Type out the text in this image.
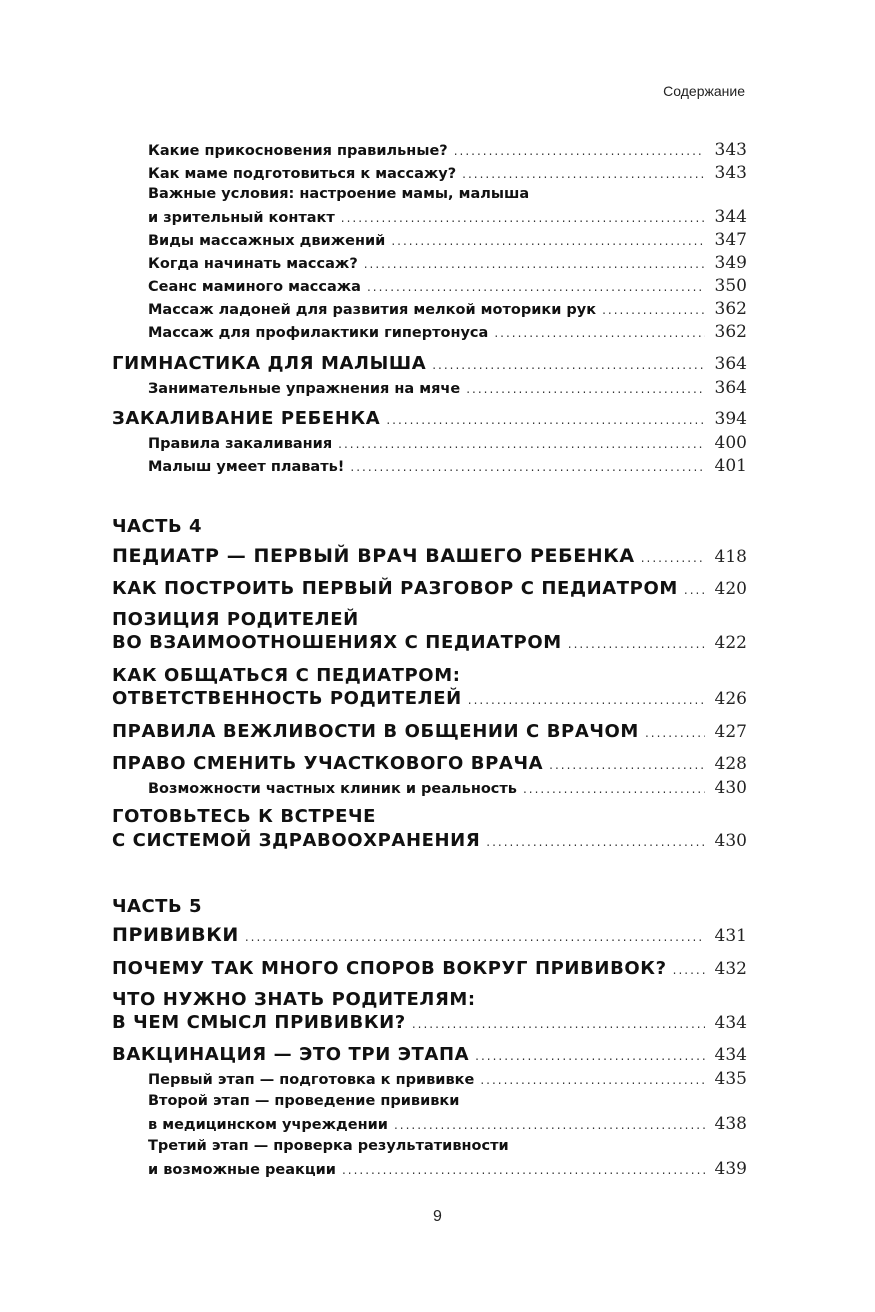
Содержание
Какие прикосновения правильные? .....	343
Как маме подготовиться к массажу? .....	343
Важные условия: настроение мамы, малыша
и зрительный контакт .....	344
Виды массажных движений .....	347
Когда начинать массаж? .....	349
Сеанс маминого массажа .....	350
Массаж ладоней для развития мелкой моторики рук .....	362
Массаж для профилактики гипертонуса .....	362
ГИМНАСТИКА ДЛЯ МАЛЫША .....	364
Занимательные упражнения на мяче .....	364
ЗАКАЛИВАНИЕ РЕБЕНКА .....	394
Правила закаливания .....	400
Малыш умеет плавать! .....	401
ЧАСТЬ 4
ПЕДИАТР — ПЕРВЫЙ ВРАЧ ВАШЕГО РЕБЕНКА .....	418
КАК ПОСТРОИТЬ ПЕРВЫЙ РАЗГОВОР С ПЕДИАТРОМ ..... 420
ПОЗИЦИЯ РОДИТЕЛЕЙ
ВО ВЗАИМООТНОШЕНИЯХ С ПЕДИАТРОМ .....	422
КАК ОБЩАТЬСЯ С ПЕДИАТРОМ:
ОТВЕТСТВЕННОСТЬ РОДИТЕЛЕЙ .....	426
ПРАВИЛА ВЕЖЛИВОСТИ В ОБЩЕНИИ С ВРАЧОМ .....	427
ПРАВО СМЕНИТЬ УЧАСТКОВОГО ВРАЧА .....	428
Возможности частных клиник и реальность .....	430
ГОТОВЬТЕСЬ К ВСТРЕЧЕ
С СИСТЕМОЙ ЗДРАВООХРАНЕНИЯ .....	430
ЧАСТЬ 5
ПРИВИВКИ .....	431
ПОЧЕМУ ТАК МНОГО СПОРОВ ВОКРУГ ПРИВИВОК? .....	432
ЧТО НУЖНО ЗНАТЬ РОДИТЕЛЯМ:
В ЧЕМ СМЫСЛ ПРИВИВКИ? .....	434
ВАКЦИНАЦИЯ — ЭТО ТРИ ЭТАПА .....	434
Первый этап — подготовка к прививке .....	435
Второй этап — проведение прививки
в медицинском учреждении .....	438
Третий этап — проверка результативности
и возможные реакции .....	439
9
